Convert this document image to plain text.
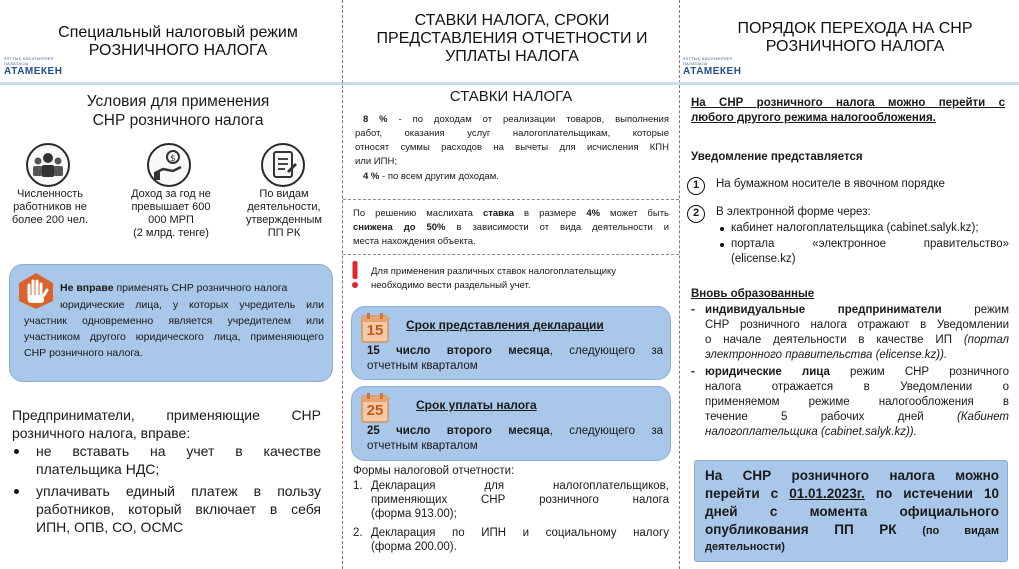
Специальный налоговый режим
РОЗНИЧНОГО НАЛОГА
ҰЛТТЫҚ КӘСІПКЕРЛЕР ПАЛАТАСЫ
АТАМЕКЕН
Условия для применения
СНР розничного налога
$
Численность
работников не
более 200 чел.
Доход за год не
превышает 600
000 МРП
(2 млрд. тенге)
По видам
деятельности,
утвержденным
ПП РК
Не вправе применять СНР розничного налога
юридические лица, у которых учредитель или
участник одновременно является учредителем или
участником другого юридического лица, применяющего
СНР розничного налога.
Предприниматели, применяющие СНР
розничного налога, вправе:
не вставать на учет в качестве
плательщика НДС;
уплачивать единый платеж в пользу
работников, который включает в себя
ИПН, ОПВ, СО, ОСМС
СТАВКИ НАЛОГА, СРОКИ
ПРЕДСТАВЛЕНИЯ ОТЧЕТНОСТИ И
УПЛАТЫ НАЛОГА
СТАВКИ НАЛОГА
8 % - по доходам от реализации товаров, выполнения
работ, оказания услуг налогоплательщикам, которые
относят суммы расходов на вычеты для исчисления КПН
или ИПН;
4 % - по всем другим доходам.
По решению маслихата ставка в размере 4% может быть
снижена до 50% в зависимости от вида деятельности и
места нахождения объекта.
Для применения различных ставок налогоплательщику
необходимо вести раздельный учет.
15	Срок представления декларации
15 число второго месяца, следующего за
отчетным кварталом
25	Срок уплаты налога
25 число второго месяца, следующего за
отчетным кварталом
Формы налоговой отчетности:
1. Декларация для налогоплательщиков,
применяющих СНР розничного налога
(форма 913.00);
2. Декларация по ИПН и социальному налогу
(форма 200.00).
ПОРЯДОК ПЕРЕХОДА НА СНР
РОЗНИЧНОГО НАЛОГА
ҰЛТТЫҚ КӘСІПКЕРЛЕР ПАЛАТАСЫ
АТАМЕКЕН
На СНР розничного налога можно перейти с
любого другого режима налогообложения.
Уведомление представляется
1	На бумажном носителе в явочном порядке
2	В электронной форме через:
кабинет налогоплательщика (cabinet.salyk.kz);
портала «электронное правительство»
(elicense.kz)
Вновь образованные
- индивидуальные предприниматели режим
СНР розничного налога отражают в Уведомлении
о начале деятельности в качестве ИП (портал
электронного правительства (elicense.kz)).
- юридические лица режим СНР розничного
налога отражается в Уведомлении о
применяемом режиме налогообложения в
течение 5 рабочих дней (Кабинет
налогоплательщика (cabinet.salyk.kz)).
На СНР розничного налога можно
перейти с 01.01.2023г. по истечении 10
дней с момента официального
опубликования ПП РК (по видам
деятельности)
